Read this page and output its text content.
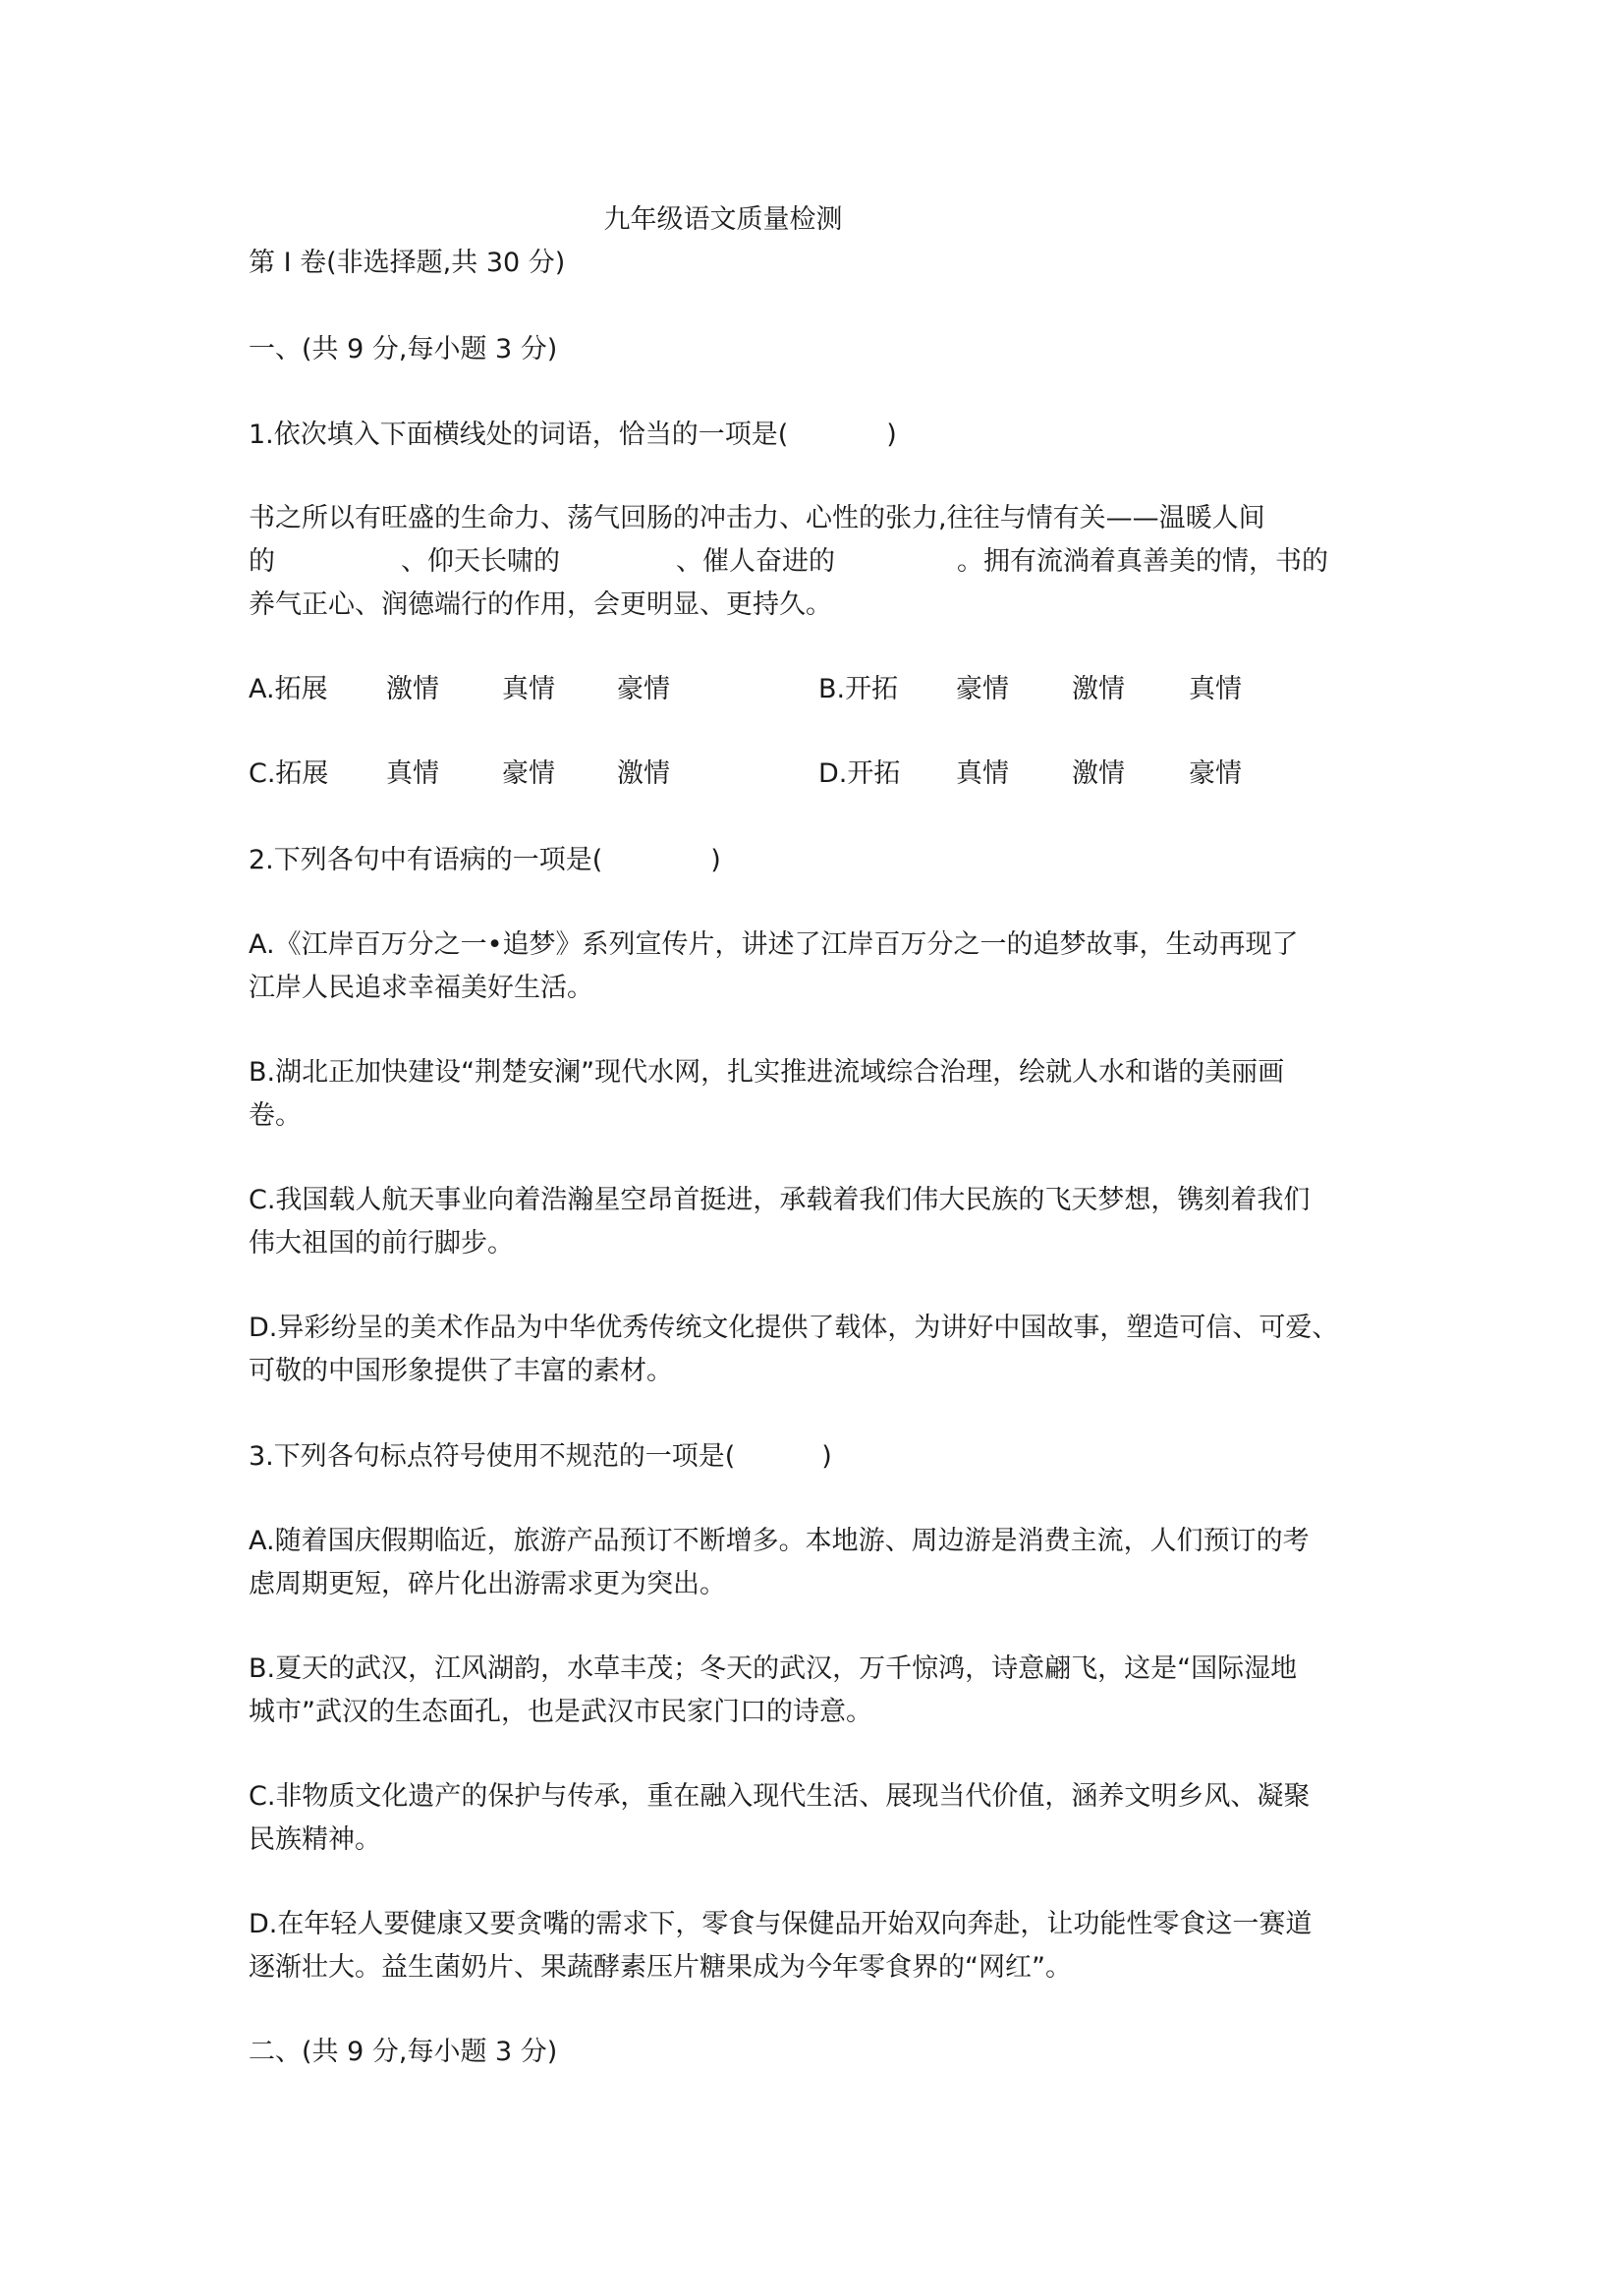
九年级语文质量检测
第 I 卷(非选择题,共 30 分)
一、(共 9 分,每小题 3 分)
1.依次填入下面横线处的词语，恰当的一项是(	)
书之所以有旺盛的生命力、荡气回肠的冲击力、心性的张力,往往与情有关——温暖人间
的	、仰天长啸的	、催人奋进的	。拥有流淌着真善美的情，书的
养气正心、润德端行的作用，会更明显、更持久。
A.拓展 激情 真情 豪情	B.开拓 豪情 激情 真情
C.拓展 真情 豪情 激情	D.开拓 真情 激情 豪情
2.下列各句中有语病的一项是(	)
A.《江岸百万分之一•追梦》系列宣传片，讲述了江岸百万分之一的追梦故事，生动再现了
江岸人民追求幸福美好生活。
B.湖北正加快建设“荆楚安澜”现代水网，扎实推进流域综合治理，绘就人水和谐的美丽画
卷。
C.我国载人航天事业向着浩瀚星空昂首挺进，承载着我们伟大民族的飞天梦想，镌刻着我们
伟大祖国的前行脚步。
D.异彩纷呈的美术作品为中华优秀传统文化提供了载体，为讲好中国故事，塑造可信、可爱、
可敬的中国形象提供了丰富的素材。
3.下列各句标点符号使用不规范的一项是(	)
A.随着国庆假期临近，旅游产品预订不断增多。本地游、周边游是消费主流，人们预订的考
虑周期更短，碎片化出游需求更为突出。
B.夏天的武汉，江风湖韵，水草丰茂；冬天的武汉，万千惊鸿，诗意翩飞，这是“国际湿地
城市”武汉的生态面孔，也是武汉市民家门口的诗意。
C.非物质文化遗产的保护与传承，重在融入现代生活、展现当代价值，涵养文明乡风、凝聚
民族精神。
D.在年轻人要健康又要贪嘴的需求下，零食与保健品开始双向奔赴，让功能性零食这一赛道
逐渐壮大。益生菌奶片、果蔬酵素压片糖果成为今年零食界的“网红”。
二、(共 9 分,每小题 3 分)
